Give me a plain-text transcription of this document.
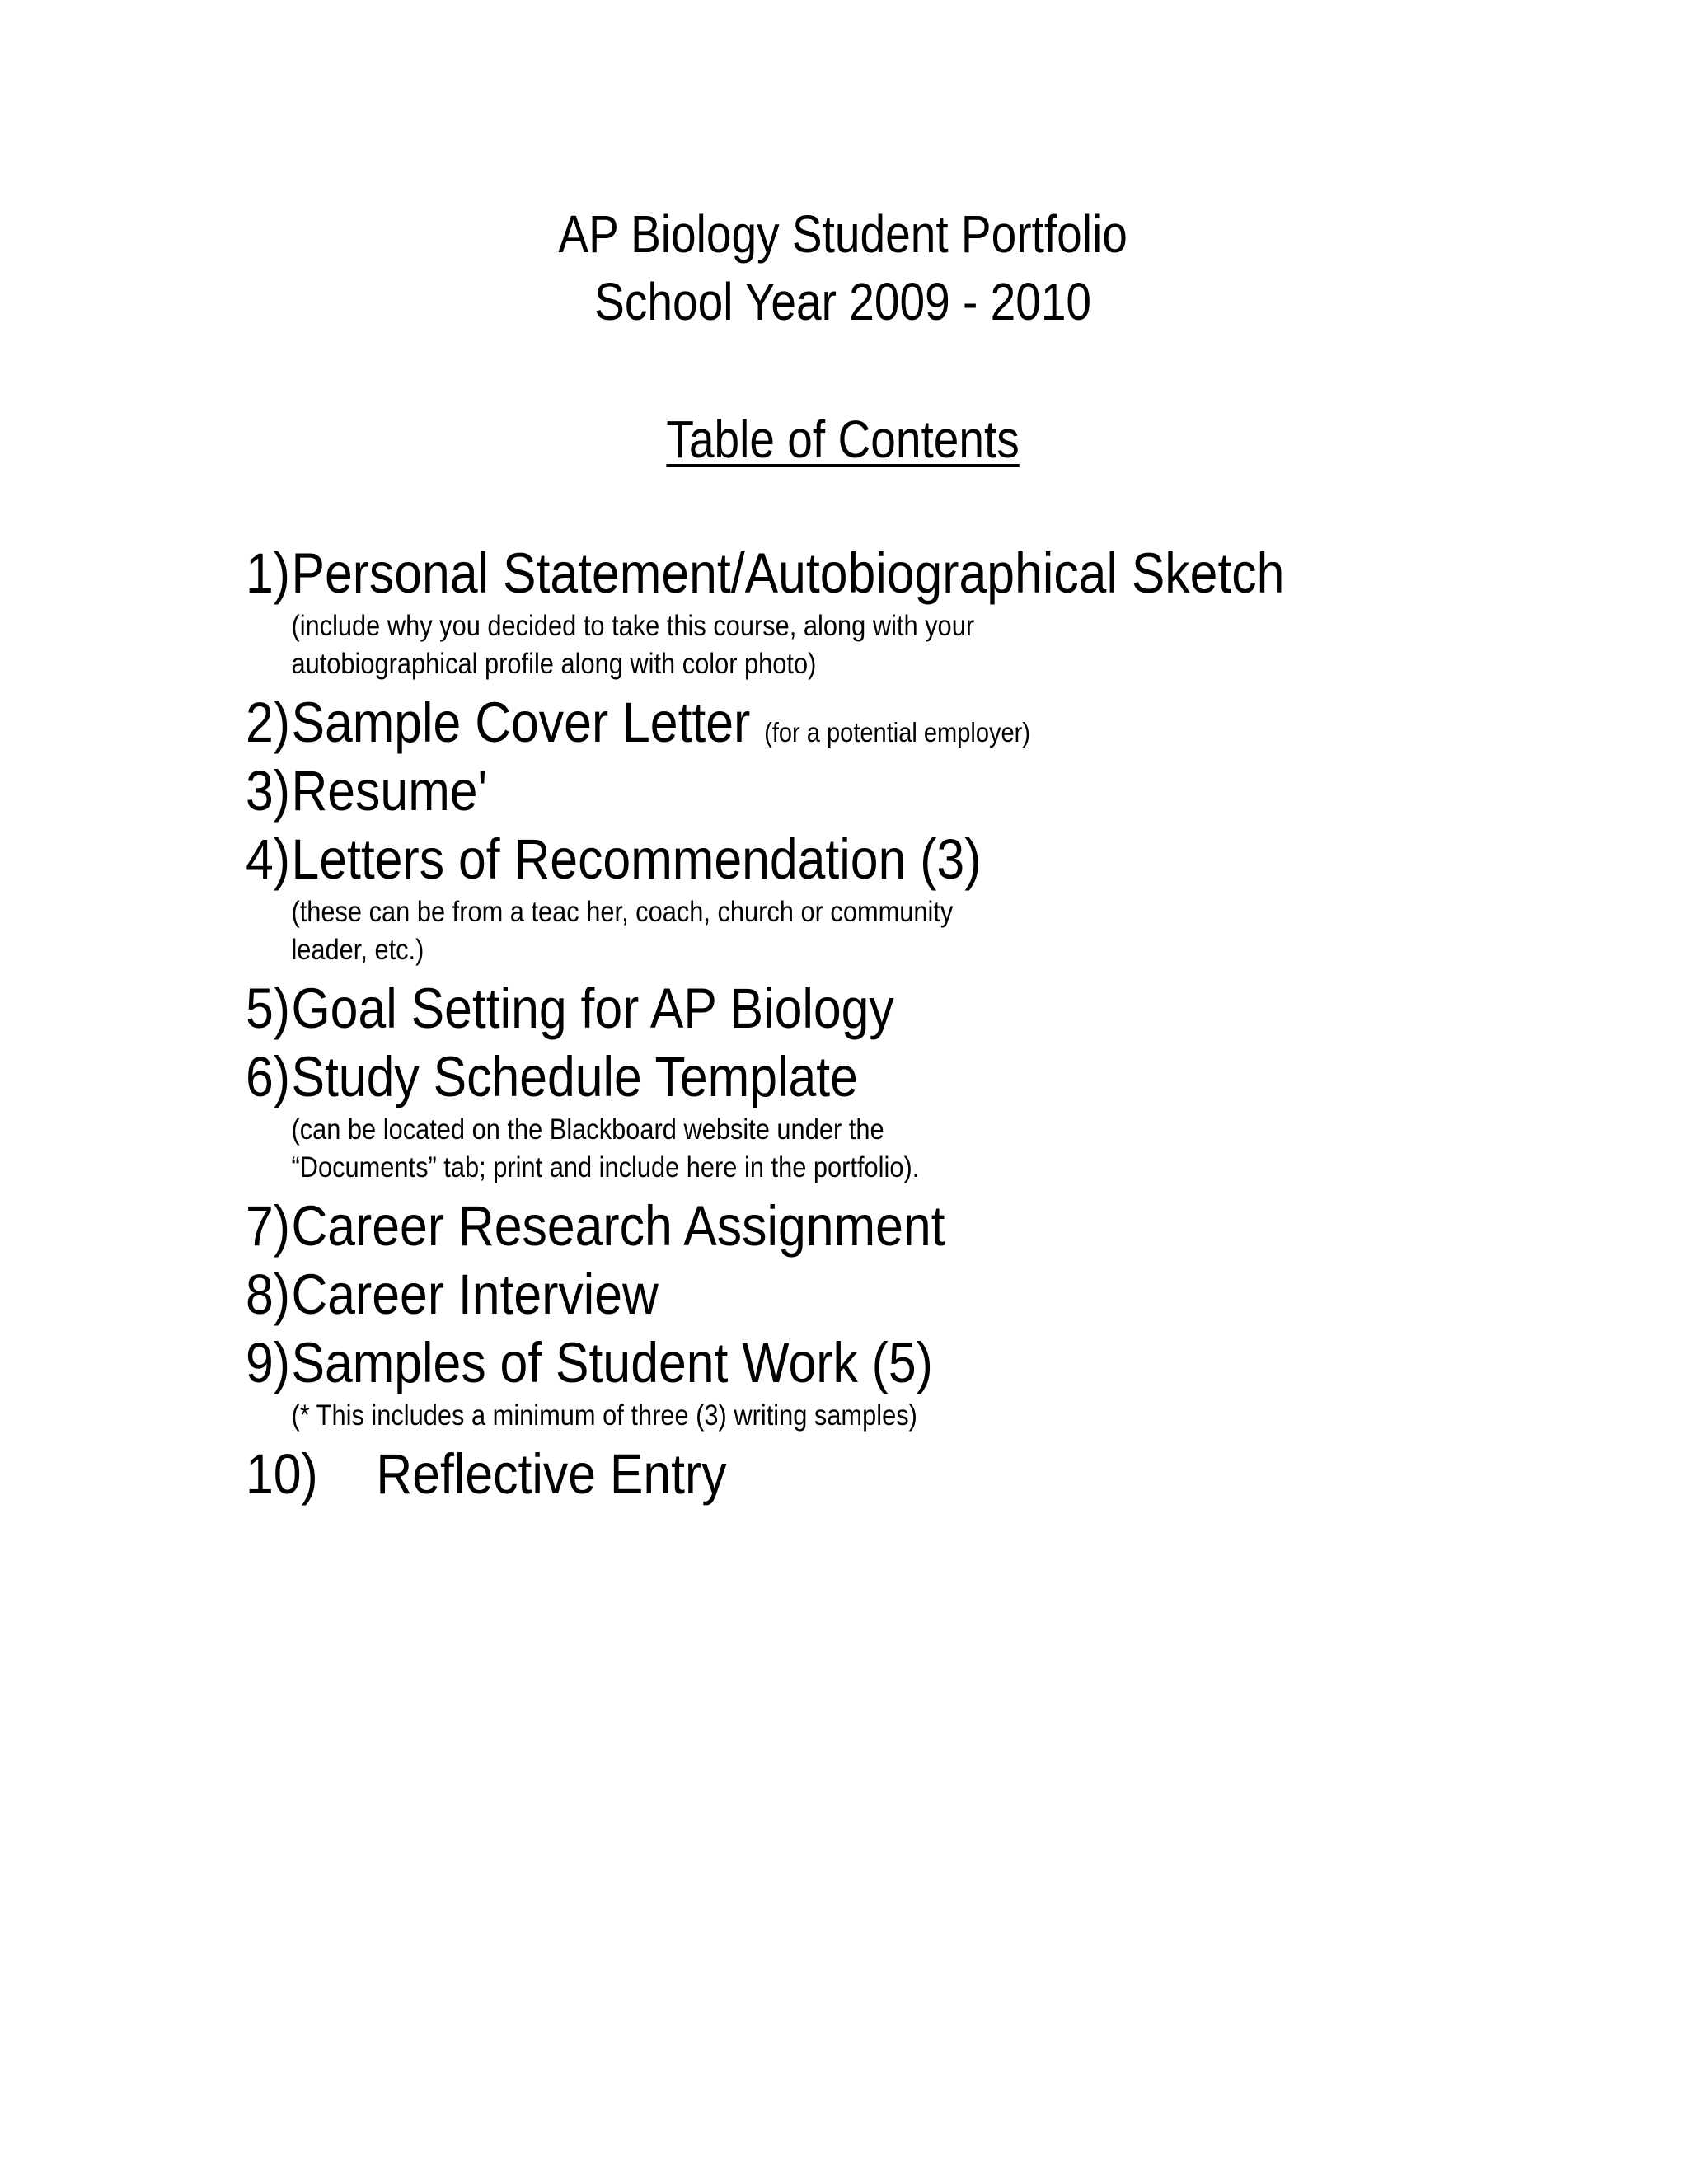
AP Biology Student Portfolio
School Year 2009 - 2010
Table of Contents
1)Personal Statement/Autobiographical Sketch
(include why you decided to take this course, along with your autobiographical profile along with color photo)
2)Sample Cover Letter (for a potential employer)
3)Resume'
4)Letters of Recommendation (3)
(these can be from a teac her, coach, church or community leader, etc.)
5)Goal Setting for AP Biology
6)Study Schedule Template
(can be located on the Blackboard website under the “Documents” tab; print and include here in the portfolio).
7)Career Research Assignment
8)Career Interview
9)Samples of Student Work (5)
(* This includes a minimum of three (3) writing samples)
10) Reflective Entry
